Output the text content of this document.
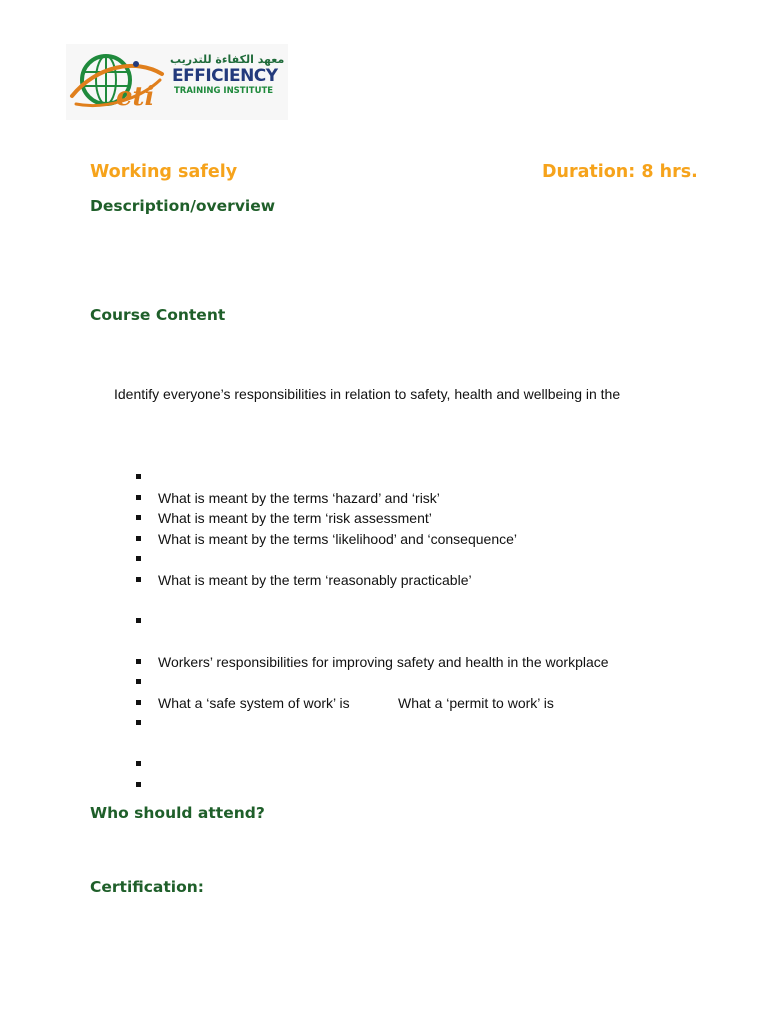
eti
معهد الكفاءة للتدريب
EFFICIENCY
TRAINING INSTITUTE
Working safely	Duration: 8 hrs.
Description/overview
Course Content
Identify everyone’s responsibilities in relation to safety, health and wellbeing in the
What is meant by the terms ‘hazard’ and ‘risk’
What is meant by the term ‘risk assessment’
What is meant by the terms ‘likelihood’ and ‘consequence’
What is meant by the term ‘reasonably practicable’
Workers’ responsibilities for improving safety and health in the workplace
What a ‘safe system of work’ is	What a ‘permit to work’ is
Who should attend?
Certification:
